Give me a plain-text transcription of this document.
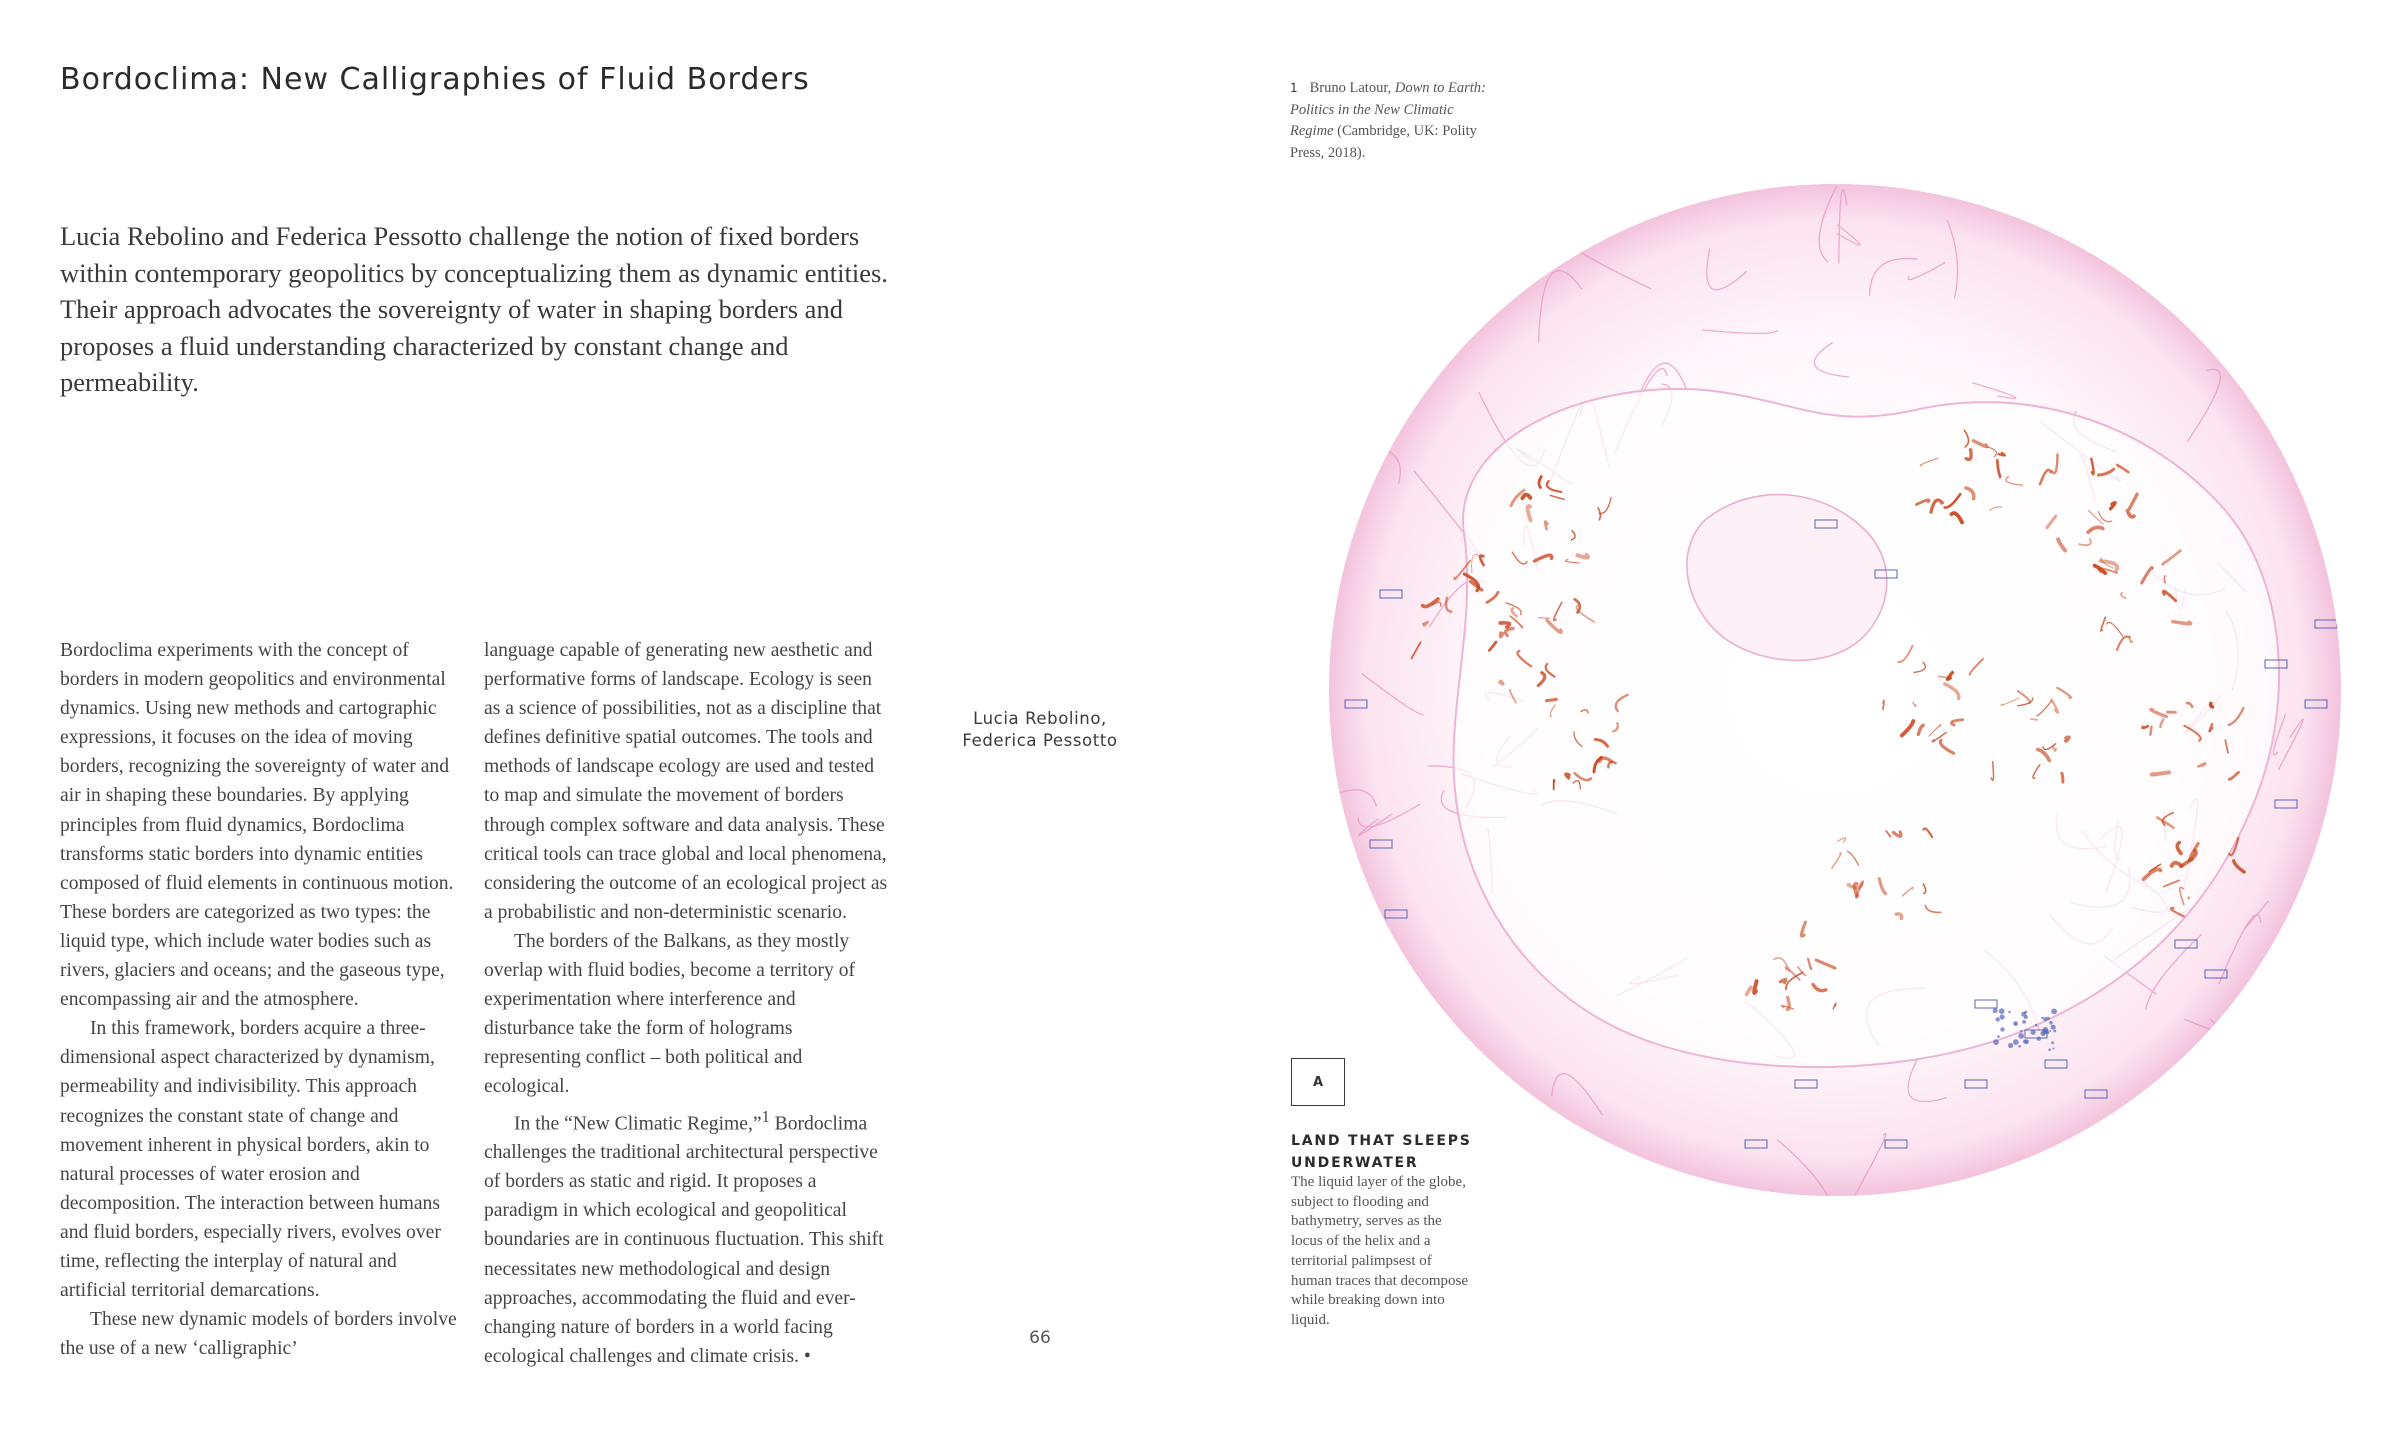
Bordoclima: New Calligraphies of Fluid Borders

Lucia Rebolino and Federica Pessotto challenge the notion of fixed borders within contemporary geopolitics by conceptualizing them as dynamic entities. Their approach advocates the sovereignty of water in shaping borders and proposes a fluid understanding characterized by constant change and permeability.

Bordoclima experiments with the concept of borders in modern geopolitics and environmental dynamics. Using new methods and cartographic expressions, it focuses on the idea of moving borders, recognizing the sovereignty of water and air in shaping these boundaries. By applying principles from fluid dynamics, Bordoclima transforms static borders into dynamic entities composed of fluid elements in continuous motion. These borders are categorized as two types: the liquid type, which include water bodies such as rivers, glaciers and oceans; and the gaseous type, encompassing air and the atmosphere.

In this framework, borders acquire a three-dimensional aspect characterized by dynamism, permeability and indivisibility. This approach recognizes the constant state of change and movement inherent in physical borders, akin to natural processes of water erosion and decomposition. The interaction between humans and fluid borders, especially rivers, evolves over time, reflecting the interplay of natural and artificial territorial demarcations.

These new dynamic models of borders involve the use of a new ‘calligraphic’

language capable of generating new aesthetic and performative forms of landscape. Ecology is seen as a science of possibilities, not as a discipline that defines definitive spatial outcomes. The tools and methods of landscape ecology are used and tested to map and simulate the movement of borders through complex software and data analysis. These critical tools can trace global and local phenomena, considering the outcome of an ecological project as a probabilistic and non-deterministic scenario.

The borders of the Balkans, as they mostly overlap with fluid bodies, become a territory of experimentation where interference and disturbance take the form of holograms representing conflict – both political and ecological.

In the “New Climatic Regime,”$^1$ Bordoclima challenges the traditional architectural perspective of borders as static and rigid. It proposes a paradigm in which ecological and geopolitical boundaries are in continuous fluctuation. This shift necessitates new methodological and design approaches, accommodating the fluid and ever-changing nature of borders in a world facing ecological challenges and climate crisis. •

Lucia Rebolino,
Federica Pessotto
66
1 Bruno Latour, Down to Earth: Politics in the New Climatic Regime (Cambridge, UK: Polity Press, 2018).
A
LAND THAT SLEEPS UNDERWATER

The liquid layer of the globe, subject to flooding and bathymetry, serves as the locus of the helix and a territorial palimpsest of human traces that decompose while breaking down into liquid.
